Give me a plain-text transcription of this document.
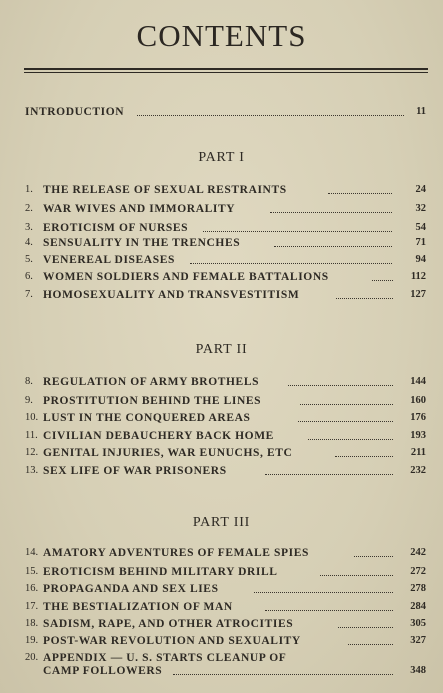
CONTENTS
INTRODUCTION	11
PART I
1. THE RELEASE OF SEXUAL RESTRAINTS	24
2. WAR WIVES AND IMMORALITY	32
3. EROTICISM OF NURSES	54
4. SENSUALITY IN THE TRENCHES	71
5. VENEREAL DISEASES	94
6. WOMEN SOLDIERS AND FEMALE BATTALIONS	112
7. HOMOSEXUALITY AND TRANSVESTITISM	127
PART II
8. REGULATION OF ARMY BROTHELS	144
9. PROSTITUTION BEHIND THE LINES	160
10. LUST IN THE CONQUERED AREAS	176
11. CIVILIAN DEBAUCHERY BACK HOME	193
12. GENITAL INJURIES, WAR EUNUCHS, ETC	211
13. SEX LIFE OF WAR PRISONERS	232
PART III
14. AMATORY ADVENTURES OF FEMALE SPIES	242
15. EROTICISM BEHIND MILITARY DRILL	272
16. PROPAGANDA AND SEX LIES	278
17. THE BESTIALIZATION OF MAN	284
18. SADISM, RAPE, AND OTHER ATROCITIES	305
19. POST-WAR REVOLUTION AND SEXUALITY	327
20. APPENDIX — U. S. STARTS CLEANUP OF
CAMP FOLLOWERS	348
